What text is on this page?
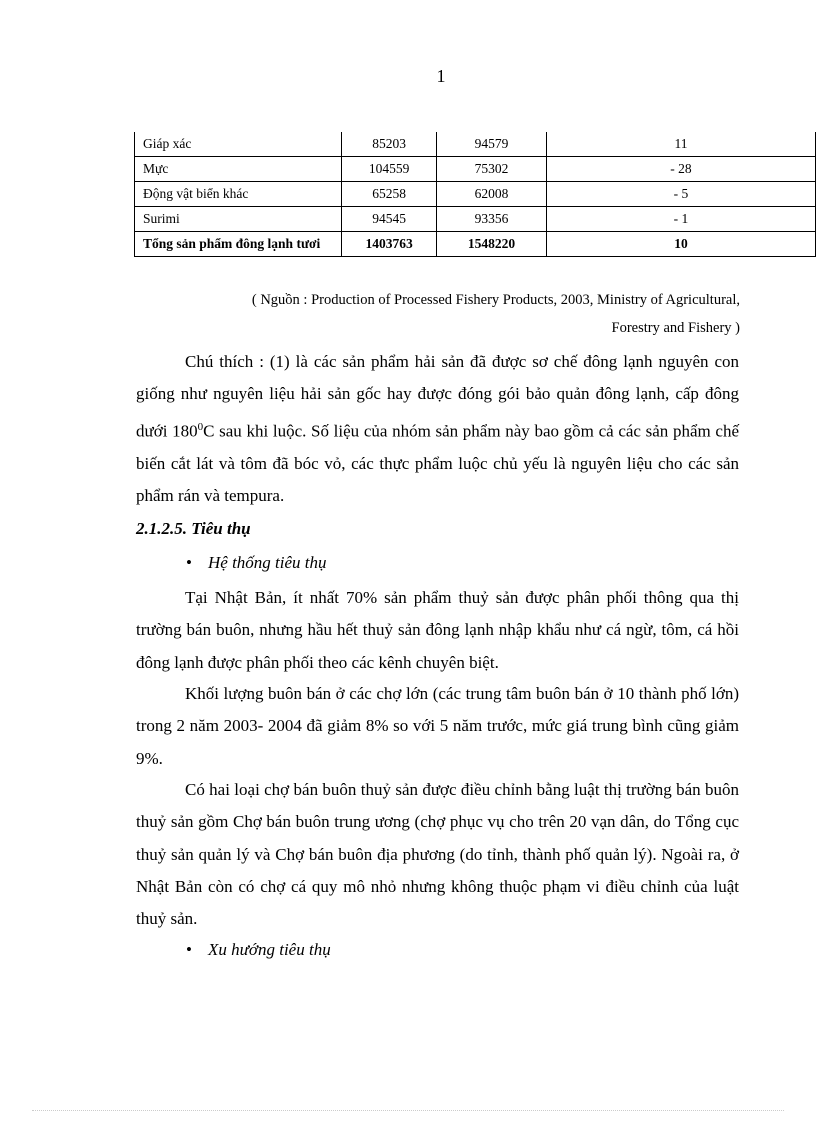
1
Giáp xác	85203	94579	11
Mực	104559	75302	- 28
Động vật biển khác	65258	62008	- 5
Surimi	94545	93356	- 1
Tổng sản phẩm đông lạnh tươi	1403763	1548220	10

( Nguồn : Production of Processed Fishery Products, 2003, Ministry of Agricultural,

Forestry and Fishery )

Chú thích : (1) là các sản phẩm hải sản đã được sơ chế đông lạnh nguyên con giống như nguyên liệu hải sản gốc hay được đóng gói bảo quản đông lạnh, cấp đông dưới $180^0C$ sau khi luộc. Số liệu của nhóm sản phẩm này bao gồm cả các sản phẩm chế biến cắt lát và tôm đã bóc vỏ, các thực phẩm luộc chủ yếu là nguyên liệu cho các sản phẩm rán và tempura.

2.1.2.5. Tiêu thụ

• Hệ thống tiêu thụ

Tại Nhật Bản, ít nhất 70% sản phẩm thuỷ sản được phân phối thông qua thị trường bán buôn, nhưng hầu hết thuỷ sản đông lạnh nhập khẩu như cá ngừ, tôm, cá hồi đông lạnh được phân phối theo các kênh chuyên biệt.

Khối lượng buôn bán ở các chợ lớn (các trung tâm buôn bán ở 10 thành phố lớn) trong 2 năm 2003- 2004 đã giảm 8% so với 5 năm trước, mức giá trung bình cũng giảm 9%.

Có hai loại chợ bán buôn thuỷ sản được điều chỉnh bằng luật thị trường bán buôn thuỷ sản gồm Chợ bán buôn trung ương (chợ phục vụ cho trên 20 vạn dân, do Tổng cục thuỷ sản quản lý và Chợ bán buôn địa phương (do tỉnh, thành phố quản lý). Ngoài ra, ở Nhật Bản còn có chợ cá quy mô nhỏ nhưng không thuộc phạm vi điều chỉnh của luật thuỷ sản.

• Xu hướng tiêu thụ
